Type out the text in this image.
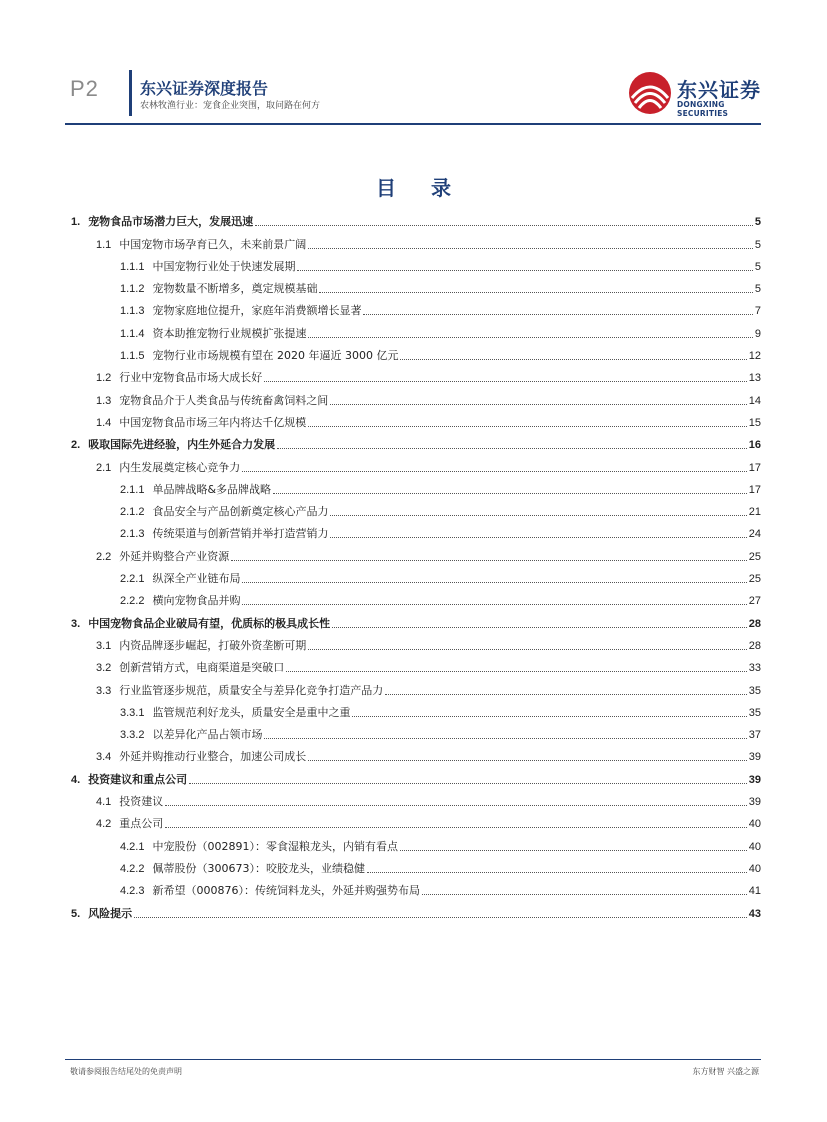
P2	东兴证券深度报告
农林牧渔行业：宠食企业突围，取问路在何方
东兴证券
DONGXING SECURITIES
目 录
1. 宠物食品市场潜力巨大，发展迅速	5
1.1 中国宠物市场孕育已久，未来前景广阔	5
1.1.1 中国宠物行业处于快速发展期	5
1.1.2 宠物数量不断增多，奠定规模基础	5
1.1.3 宠物家庭地位提升，家庭年消费额增长显著	7
1.1.4 资本助推宠物行业规模扩张提速	9
1.1.5 宠物行业市场规模有望在 2020 年逼近 3000 亿元	12
1.2 行业中宠物食品市场大成长好	13
1.3 宠物食品介于人类食品与传统畜禽饲料之间	14
1.4 中国宠物食品市场三年内将达千亿规模	15
2. 吸取国际先进经验，内生外延合力发展	16
2.1 内生发展奠定核心竞争力	17
2.1.1 单品牌战略&多品牌战略	17
2.1.2 食品安全与产品创新奠定核心产品力	21
2.1.3 传统渠道与创新营销并举打造营销力	24
2.2 外延并购整合产业资源	25
2.2.1 纵深全产业链布局	25
2.2.2 横向宠物食品并购	27
3. 中国宠物食品企业破局有望，优质标的极具成长性	28
3.1 内资品牌逐步崛起，打破外资垄断可期	28
3.2 创新营销方式，电商渠道是突破口	33
3.3 行业监管逐步规范，质量安全与差异化竞争打造产品力	35
3.3.1 监管规范利好龙头，质量安全是重中之重	35
3.3.2 以差异化产品占领市场	37
3.4 外延并购推动行业整合，加速公司成长	39
4. 投资建议和重点公司	39
4.1 投资建议	39
4.2 重点公司	40
4.2.1 中宠股份（002891）：零食湿粮龙头，内销有看点	40
4.2.2 佩蒂股份（300673）：咬胶龙头，业绩稳健	40
4.2.3 新希望（000876）：传统饲料龙头，外延并购强势布局	41
5. 风险提示	43
敬请参阅报告结尾处的免责声明	东方财智 兴盛之源
